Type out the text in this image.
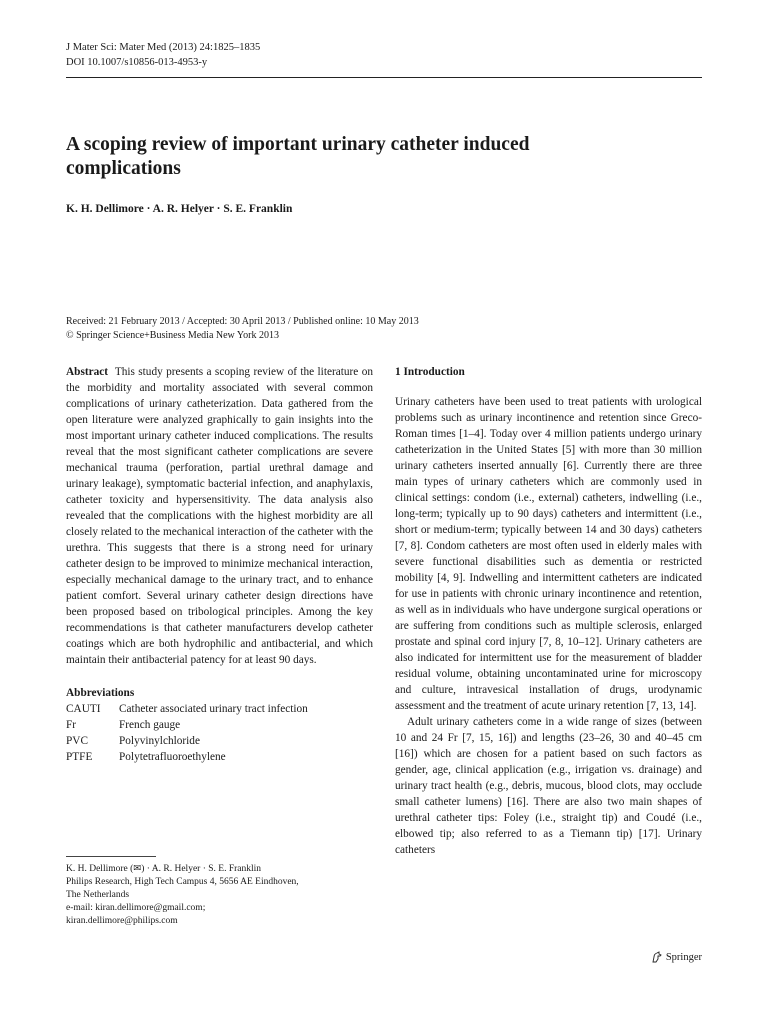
J Mater Sci: Mater Med (2013) 24:1825–1835
DOI 10.1007/s10856-013-4953-y
A scoping review of important urinary catheter induced complications
K. H. Dellimore · A. R. Helyer · S. E. Franklin
Received: 21 February 2013 / Accepted: 30 April 2013 / Published online: 10 May 2013
© Springer Science+Business Media New York 2013

Abstract This study presents a scoping review of the literature on the morbidity and mortality associated with several common complications of urinary catheterization. Data gathered from the open literature were analyzed graphically to gain insights into the most important urinary catheter induced complications. The results reveal that the most significant catheter complications are severe mechanical trauma (perforation, partial urethral damage and urinary leakage), symptomatic bacterial infection, and anaphylaxis, catheter toxicity and hypersensitivity. The data analysis also revealed that the complications with the highest morbidity are all closely related to the mechanical interaction of the catheter with the urethra. This suggests that there is a strong need for urinary catheter design to be improved to minimize mechanical interaction, especially mechanical damage to the urinary tract, and to enhance patient comfort. Several urinary catheter design directions have been proposed based on tribological principles. Among the key recommendations is that catheter manufacturers develop catheter coatings which are both hydrophilic and antibacterial, and which maintain their antibacterial patency for at least 90 days.

Abbreviations
CAUTI	Catheter associated urinary tract infection
Fr	French gauge
PVC	Polyvinylchloride
PTFE	Polytetrafluoroethylene
K. H. Dellimore (✉) · A. R. Helyer · S. E. Franklin
Philips Research, High Tech Campus 4, 5656 AE Eindhoven,
The Netherlands
e-mail: kiran.dellimore@gmail.com;
kiran.dellimore@philips.com
1 Introduction

Urinary catheters have been used to treat patients with urological problems such as urinary incontinence and retention since Greco-Roman times [1–4]. Today over 4 million patients undergo urinary catheterization in the United States [5] with more than 30 million urinary catheters inserted annually [6]. Currently there are three main types of urinary catheters which are commonly used in clinical settings: condom (i.e., external) catheters, indwelling (i.e., long-term; typically up to 90 days) catheters and intermittent (i.e., short or medium-term; typically between 14 and 30 days) catheters [7, 8]. Condom catheters are most often used in elderly males with severe functional disabilities such as dementia or restricted mobility [4, 9]. Indwelling and intermittent catheters are indicated for use in patients with chronic urinary incontinence and retention, as well as in individuals who have undergone surgical operations or are suffering from conditions such as multiple sclerosis, enlarged prostate and spinal cord injury [7, 8, 10–12]. Urinary catheters are also indicated for intermittent use for the measurement of bladder residual volume, obtaining uncontaminated urine for microscopy and culture, intravesical installation of drugs, urodynamic assessment and the treatment of acute urinary retention [7, 13, 14].

Adult urinary catheters come in a wide range of sizes (between 10 and 24 Fr [7, 15, 16]) and lengths (23–26, 30 and 40–45 cm [16]) which are chosen for a patient based on such factors as gender, age, clinical application (e.g., irrigation vs. drainage) and urinary tract health (e.g., debris, mucous, blood clots, may occlude small catheter lumens) [16]. There are also two main shapes of urethral catheter tips: Foley (i.e., straight tip) and Coudé (i.e., elbowed tip; also referred to as a Tiemann tip) [17]. Urinary catheters

Springer
